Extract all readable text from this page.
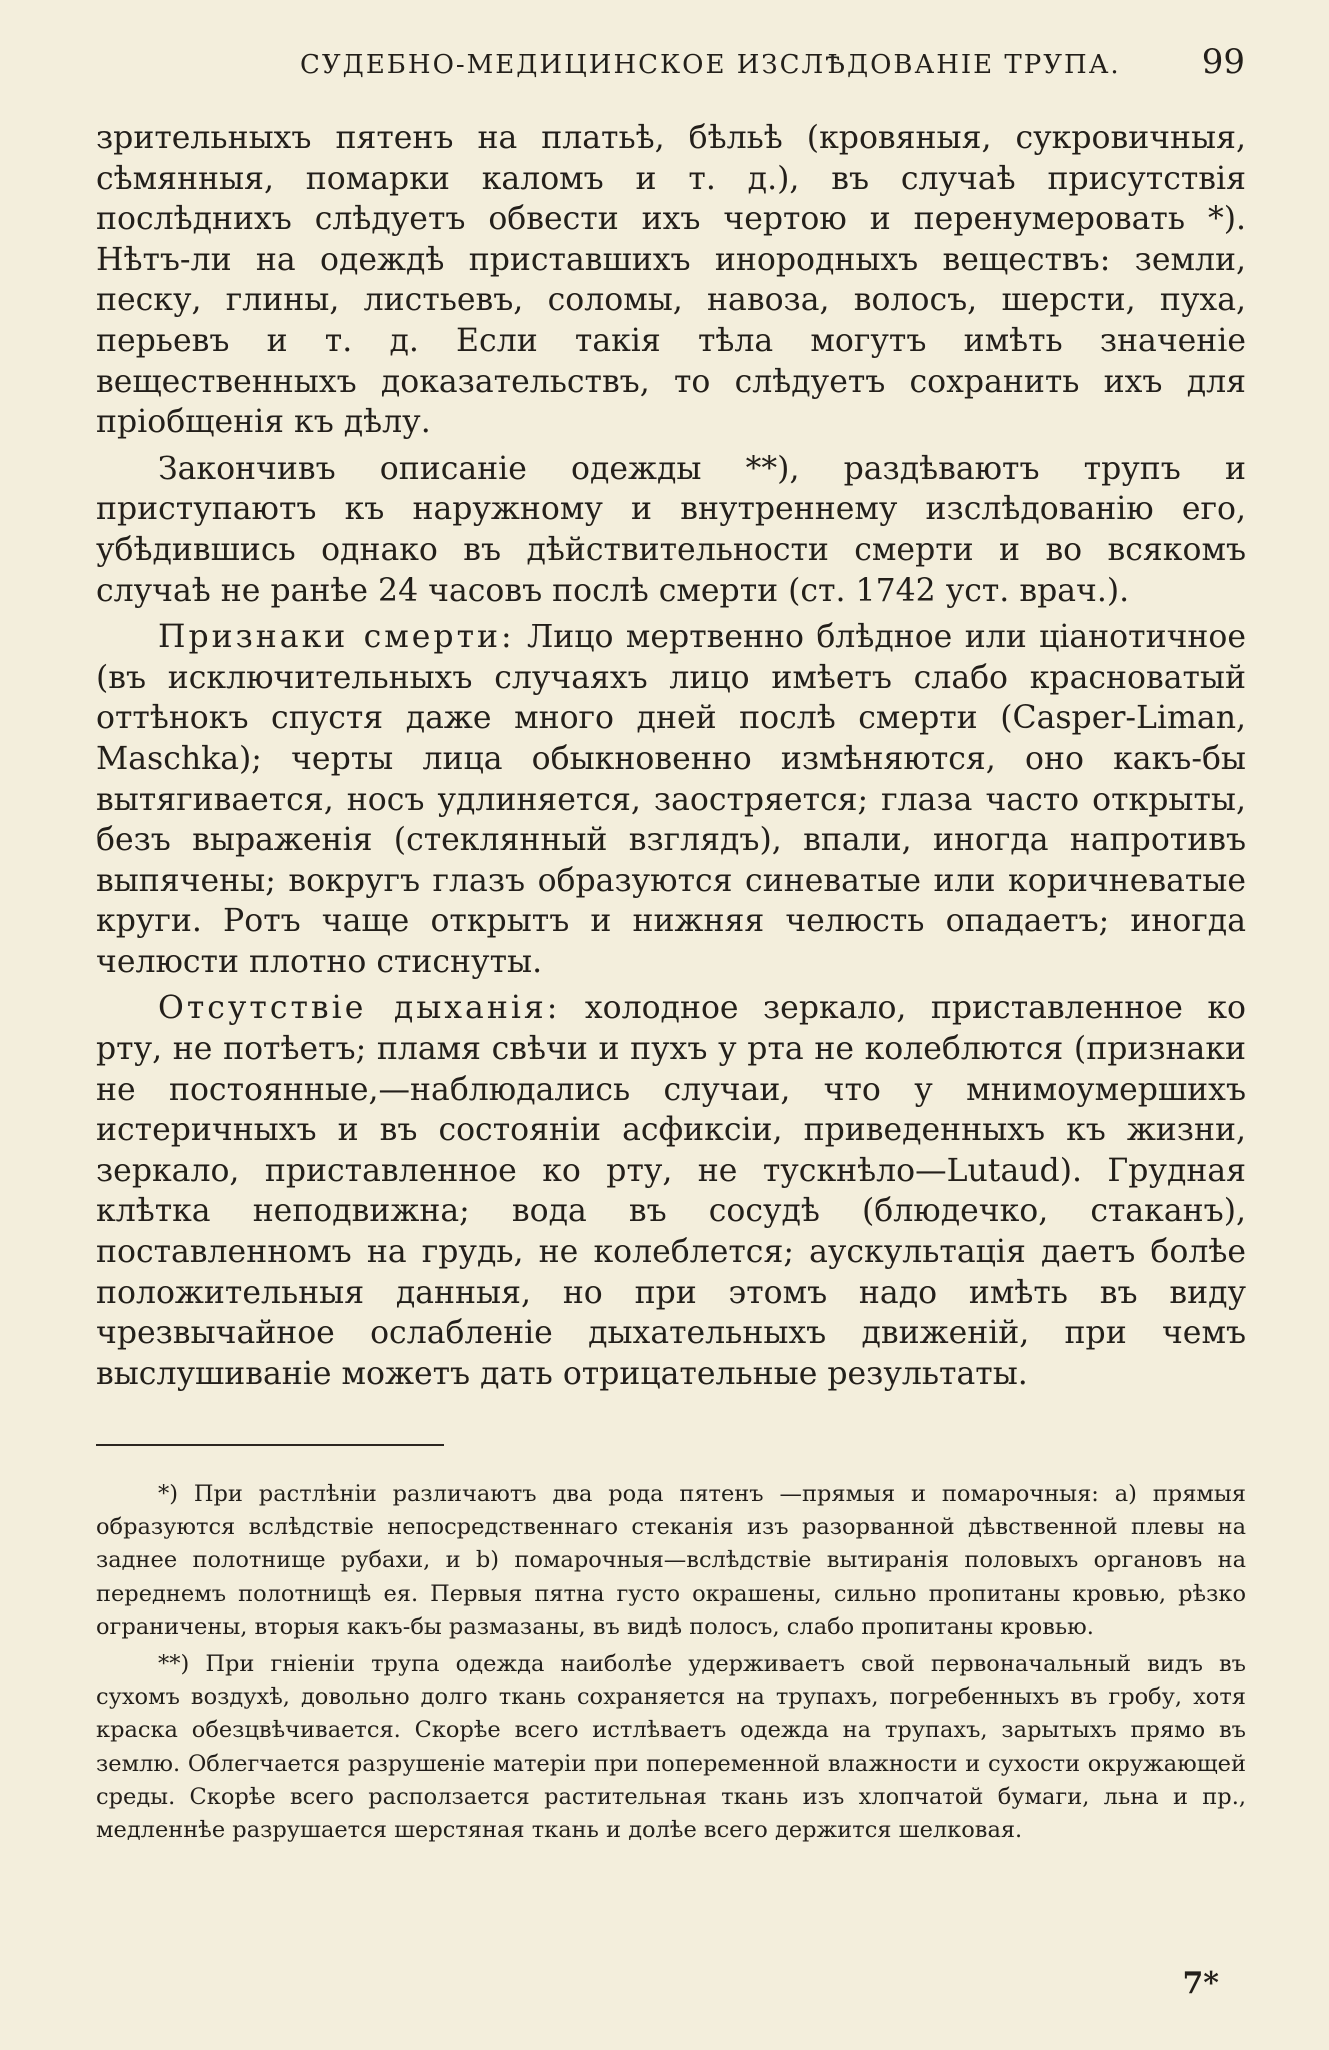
СУДЕБНО-МЕДИЦИНСКОЕ ИЗСЛѢДОВАНІЕ ТРУПА. 99

зрительныхъ пятенъ на платьѣ, бѣльѣ (кровяныя, сукровичныя, сѣмянныя, помарки каломъ и т. д.), въ случаѣ присутствія послѣднихъ слѣдуетъ обвести ихъ чертою и перенумеровать *). Нѣтъ-ли на одеждѣ приставшихъ инородныхъ веществъ: земли, песку, глины, листьевъ, соломы, навоза, волосъ, шерсти, пуха, перьевъ и т. д. Если такія тѣла могутъ имѣть значеніе вещественныхъ доказательствъ, то слѣдуетъ сохранить ихъ для пріобщенія къ дѣлу.

Закончивъ описаніе одежды **), раздѣваютъ трупъ и приступаютъ къ наружному и внутреннему изслѣдованію его, убѣдившись однако въ дѣйствительности смерти и во всякомъ случаѣ не ранѣе 24 часовъ послѣ смерти (ст. 1742 уст. врач.).

Признаки смерти: Лицо мертвенно блѣдное или ціанотичное (въ исключительныхъ случаяхъ лицо имѣетъ слабо красноватый оттѣнокъ спустя даже много дней послѣ смерти (Casper-Liman, Maschka); черты лица обыкновенно измѣняются, оно какъ-бы вытягивается, носъ удлиняется, заостряется; глаза часто открыты, безъ выраженія (стеклянный взглядъ), впали, иногда напротивъ выпячены; вокругъ глазъ образуются синеватые или коричневатые круги. Ротъ чаще открытъ и нижняя челюсть опадаетъ; иногда челюсти плотно стиснуты.

Отсутствіе дыханія: холодное зеркало, приставленное ко рту, не потѣетъ; пламя свѣчи и пухъ у рта не колеблются (признаки не постоянные,—наблюдались случаи, что у мнимоумершихъ истеричныхъ и въ состояніи асфиксіи, приведенныхъ къ жизни, зеркало, приставленное ко рту, не тускнѣло—Lutaud). Грудная клѣтка неподвижна; вода въ сосудѣ (блюдечко, стаканъ), поставленномъ на грудь, не колеблется; аускультація даетъ болѣе положительныя данныя, но при этомъ надо имѣть въ виду чрезвычайное ослабленіе дыхательныхъ движеній, при чемъ выслушиваніе можетъ дать отрицательные результаты.

*) При растлѣніи различаютъ два рода пятенъ —прямыя и помарочныя: а) прямыя образуются вслѣдствіе непосредственнаго стеканія изъ разорванной дѣвственной плевы на заднее полотнище рубахи, и b) помарочныя—вслѣдствіе вытиранія половыхъ органовъ на переднемъ полотнищѣ ея. Первыя пятна густо окрашены, сильно пропитаны кровью, рѣзко ограничены, вторыя какъ-бы размазаны, въ видѣ полосъ, слабо пропитаны кровью.

**) При гніеніи трупа одежда наиболѣе удерживаетъ свой первоначальный видъ въ сухомъ воздухѣ, довольно долго ткань сохраняется на трупахъ, погребенныхъ въ гробу, хотя краска обезцвѣчивается. Скорѣе всего истлѣваетъ одежда на трупахъ, зарытыхъ прямо въ землю. Облегчается разрушеніе матеріи при попеременной влажности и сухости окружающей среды. Скорѣе всего расползается растительная ткань изъ хлопчатой бумаги, льна и пр., медленнѣе разрушается шерстяная ткань и долѣе всего держится шелковая.

7*
